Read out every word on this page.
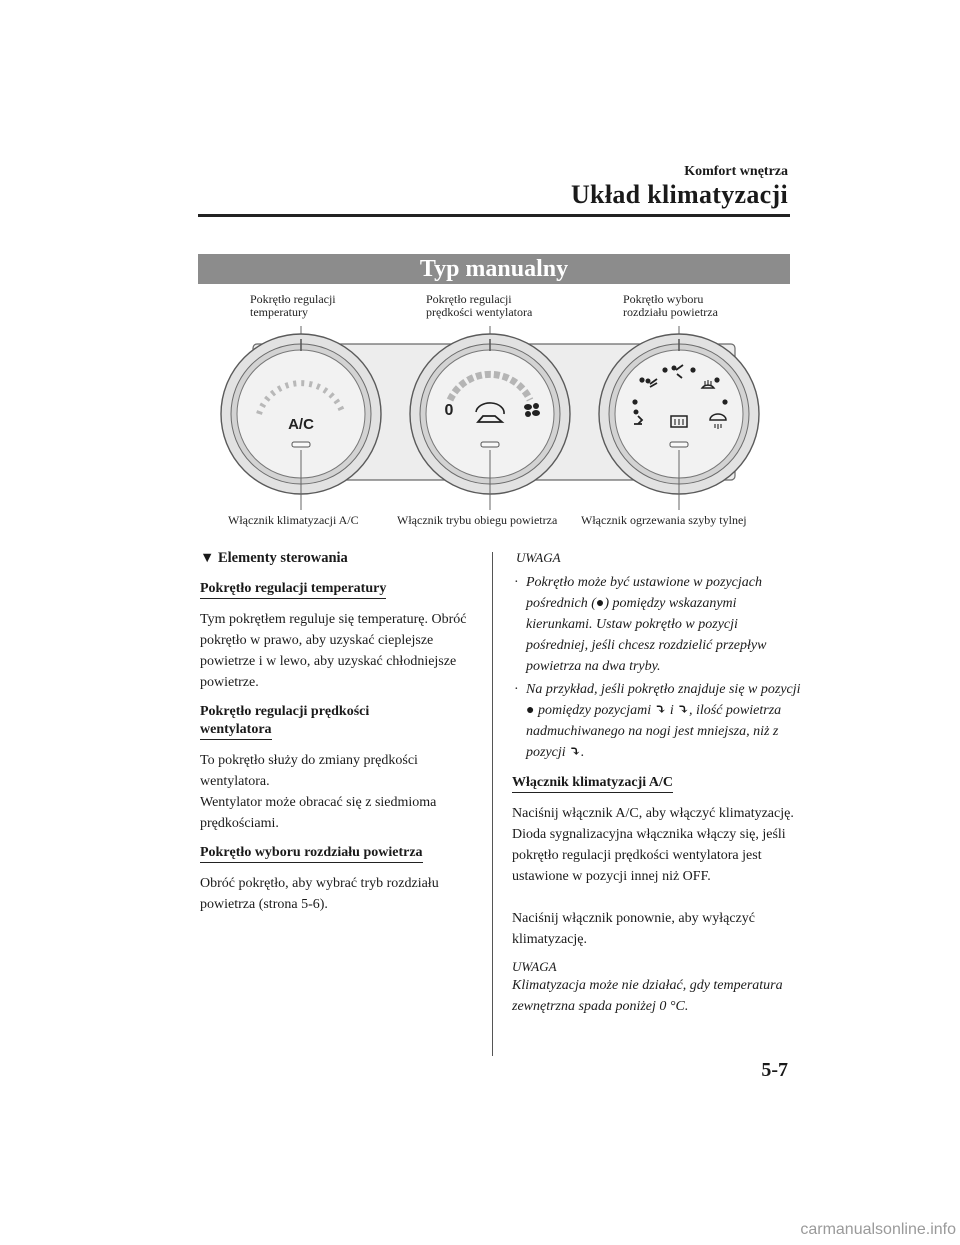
Komfort wnętrza
Układ klimatyzacji
Typ manualny
Pokrętło regulacji
temperatury
Pokrętło regulacji
prędkości wentylatora
Pokrętło wyboru
rozdziału powietrza
A/C
0
Włącznik klimatyzacji A/C	Włącznik trybu obiegu powietrza Włącznik ogrzewania szyby tylnej
▼ Elementy sterowania
Pokrętło regulacji temperatury

Tym pokrętłem reguluje się temperaturę. Obróć pokrętło w prawo, aby uzyskać cieplejsze powietrze i w lewo, aby uzyskać chłodniejsze powietrze.

Pokrętło regulacji prędkości

wentylatora

To pokrętło służy do zmiany prędkości wentylatora.

Wentylator może obracać się z siedmioma prędkościami.

Pokrętło wyboru rozdziału powietrza

Obróć pokrętło, aby wybrać tryb rozdziału powietrza (strona 5-6).

UWAGA
· Pokrętło może być ustawione w pozycjach pośrednich (●) pomiędzy wskazanymi kierunkami. Ustaw pokrętło w pozycji pośredniej, jeśli chcesz rozdzielić przepływ powietrza na dwa tryby.
· Na przykład, jeśli pokrętło znajduje się w pozycji ● pomiędzy pozycjami ⤵ i ⤵, ilość powietrza nadmuchiwanego na nogi jest mniejsza, niż z pozycji ⤵.
Włącznik klimatyzacji A/C

Naciśnij włącznik A/C, aby włączyć klimatyzację. Dioda sygnalizacyjna włącznika włączy się, jeśli pokrętło regulacji prędkości wentylatora jest ustawione w pozycji innej niż OFF.

Naciśnij włącznik ponownie, aby wyłączyć klimatyzację.

UWAGA

Klimatyzacja może nie działać, gdy temperatura zewnętrzna spada poniżej 0 °C.

5-7
carmanualsonline.info
